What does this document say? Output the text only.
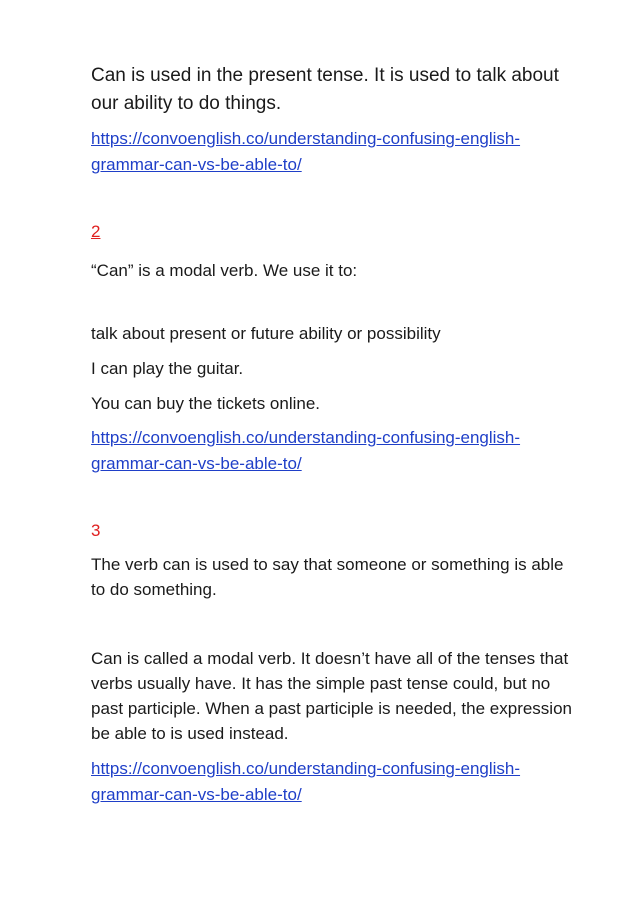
Can is used in the present tense. It is used to talk about
our ability to do things.
https://convoenglish.co/understanding-confusing-english-
grammar-can-vs-be-able-to/
2
“Can” is a modal verb. We use it to:
talk about present or future ability or possibility
I can play the guitar.
You can buy the tickets online.
https://convoenglish.co/understanding-confusing-english-
grammar-can-vs-be-able-to/
3
The verb can is used to say that someone or something is able
to do something.
Can is called a modal verb. It doesn’t have all of the tenses that
verbs usually have. It has the simple past tense could, but no
past participle. When a past participle is needed, the expression
be able to is used instead.
https://convoenglish.co/understanding-confusing-english-
grammar-can-vs-be-able-to/
